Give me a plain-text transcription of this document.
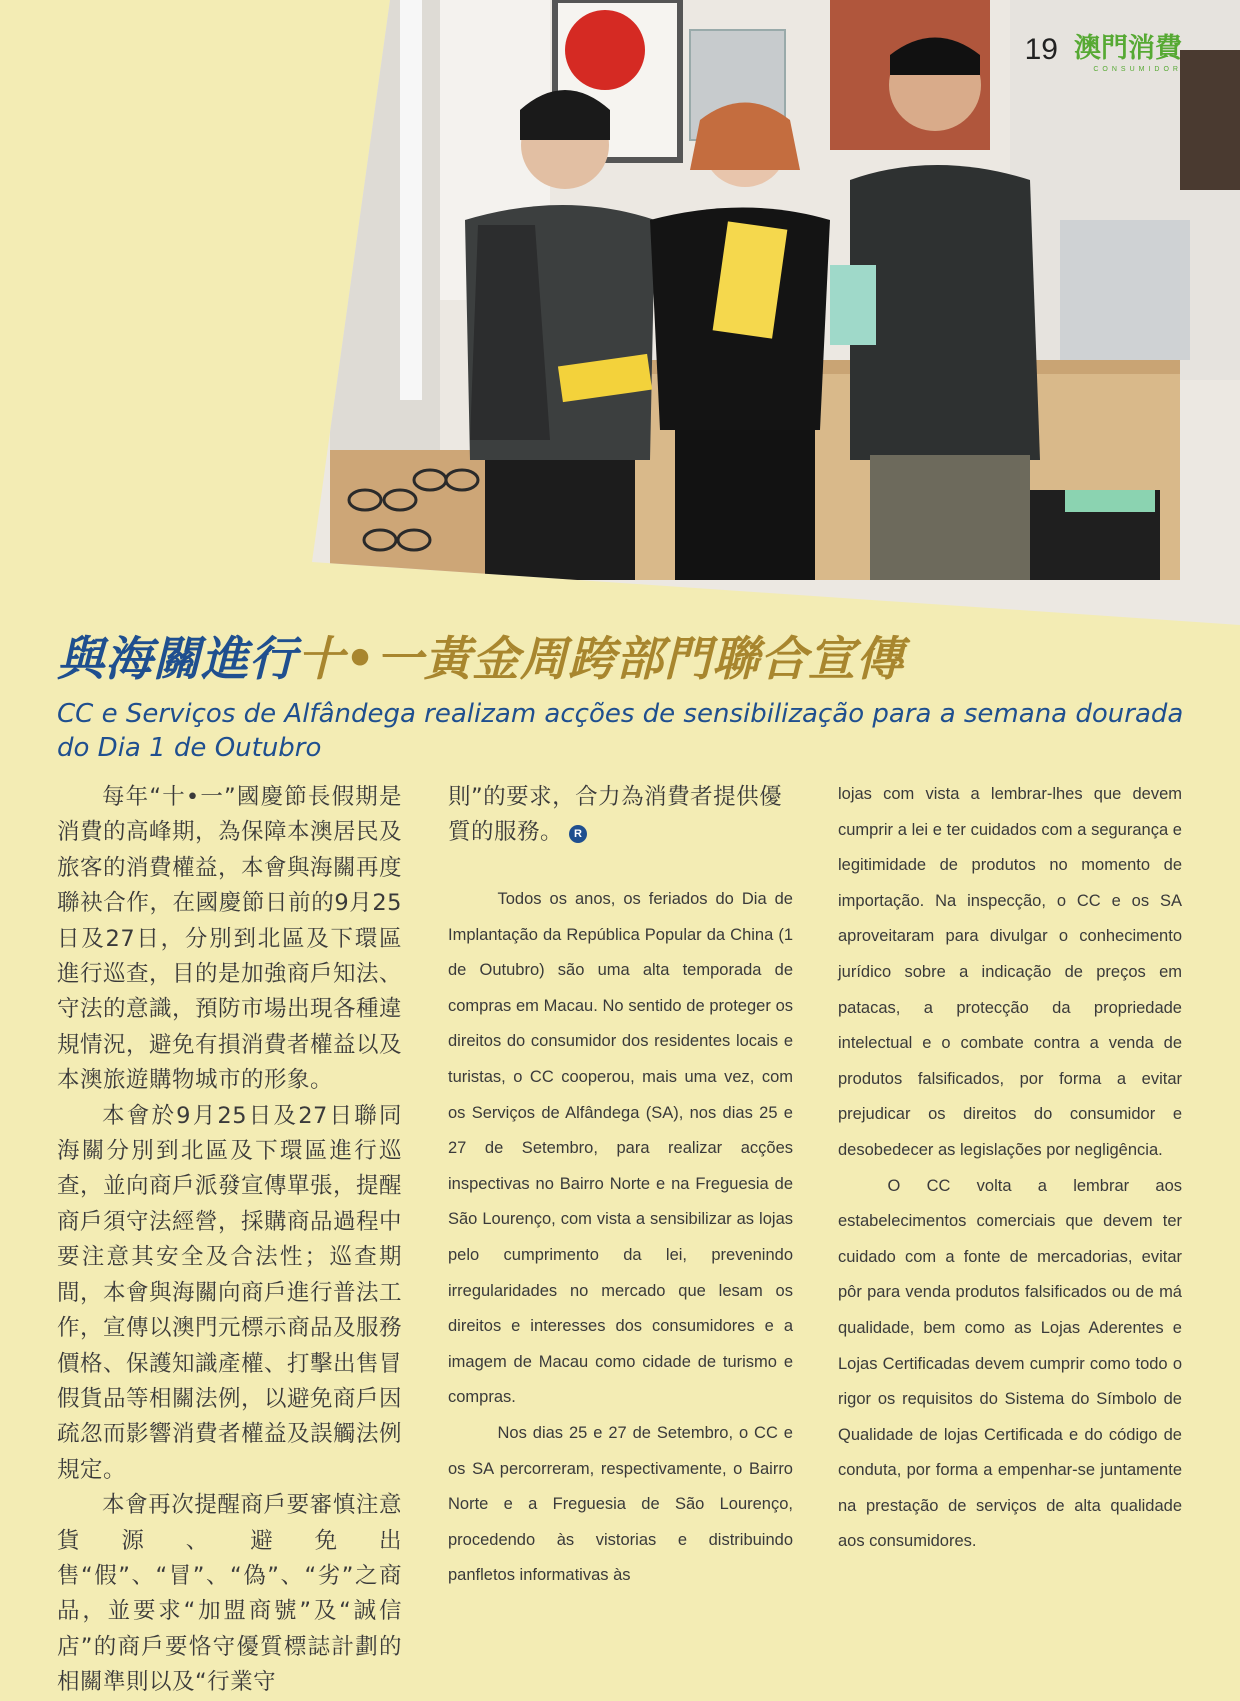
19 澳門消費
CONSUMIDOR
與海關進行十•一黃金周跨部門聯合宣傳
CC e Serviços de Alfândega realizam acções de sensibilização para a semana dourada do Dia 1 de Outubro

每年“十•一”國慶節長假期是消費的高峰期，為保障本澳居民及旅客的消費權益，本會與海關再度聯袂合作，在國慶節日前的9月25日及27日，分別到北區及下環區進行巡查，目的是加強商戶知法、守法的意識，預防市場出現各種違規情況，避免有損消費者權益以及本澳旅遊購物城市的形象。

本會於9月25日及27日聯同海關分別到北區及下環區進行巡查，並向商戶派發宣傳單張，提醒商戶須守法經營，採購商品過程中要注意其安全及合法性；巡查期間，本會與海關向商戶進行普法工作，宣傳以澳門元標示商品及服務價格、保護知識產權、打擊出售冒假貨品等相關法例，以避免商戶因疏忽而影響消費者權益及誤觸法例規定。

本會再次提醒商戶要審慎注意貨源、避免出售“假”、“冒”、“偽”、“劣”之商品，並要求“加盟商號”及“誠信店”的商戶要恪守優質標誌計劃的相關準則以及“行業守

則”的要求，合力為消費者提供優質的服務。 R

Todos os anos, os feriados do Dia de Implantação da República Popular da China (1 de Outubro) são uma alta temporada de compras em Macau. No sentido de proteger os direitos do consumidor dos residentes locais e turistas, o CC cooperou, mais uma vez, com os Serviços de Alfândega (SA), nos dias 25 e 27 de Setembro, para realizar acções inspectivas no Bairro Norte e na Freguesia de São Lourenço, com vista a sensibilizar as lojas pelo cumprimento da lei, prevenindo irregularidades no mercado que lesam os direitos e interesses dos consumidores e a imagem de Macau como cidade de turismo e compras.

Nos dias 25 e 27 de Setembro, o CC e os SA percorreram, respectivamente, o Bairro Norte e a Freguesia de São Lourenço, procedendo às vistorias e distribuindo panfletos informativas às

lojas com vista a lembrar-lhes que devem cumprir a lei e ter cuidados com a segurança e legitimidade de produtos no momento de importação. Na inspecção, o CC e os SA aproveitaram para divulgar o conhecimento jurídico sobre a indicação de preços em patacas, a protecção da propriedade intelectual e o combate contra a venda de produtos falsificados, por forma a evitar prejudicar os direitos do consumidor e desobedecer as legislações por negligência.

O CC volta a lembrar aos estabelecimentos comerciais que devem ter cuidado com a fonte de mercadorias, evitar pôr para venda produtos falsificados ou de má qualidade, bem como as Lojas Aderentes e Lojas Certificadas devem cumprir como todo o rigor os requisitos do Sistema do Símbolo de Qualidade de lojas Certificada e do código de conduta, por forma a empenhar-se juntamente na prestação de serviços de alta qualidade aos consumidores.
